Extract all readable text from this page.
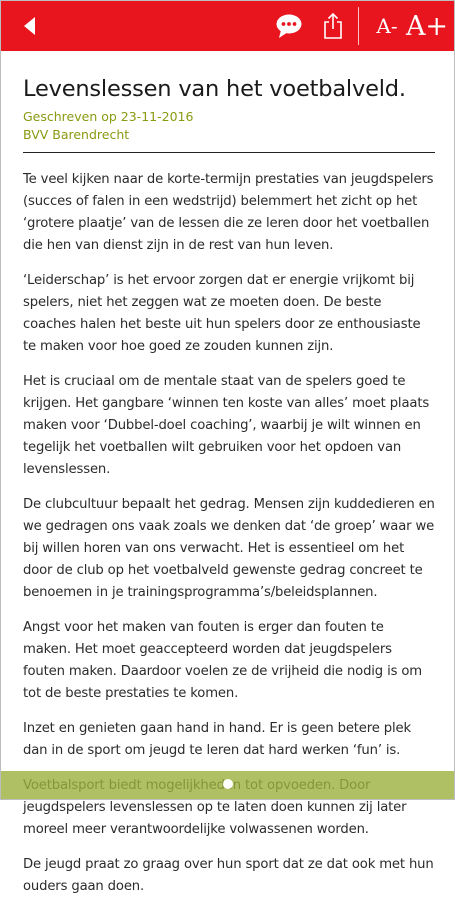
A- A+
Levenslessen van het voetbalveld.
Geschreven op 23-11-2016
BVV Barendrecht

Te veel kijken naar de korte-termijn prestaties van jeugdspelers (succes of falen in een wedstrijd) belemmert het zicht op het ‘grotere plaatje’ van de lessen die ze leren door het voetballen die hen van dienst zijn in de rest van hun leven.

‘Leiderschap’ is het ervoor zorgen dat er energie vrijkomt bij spelers, niet het zeggen wat ze moeten doen. De beste coaches halen het beste uit hun spelers door ze enthousiaste te maken voor hoe goed ze zouden kunnen zijn.

Het is cruciaal om de mentale staat van de spelers goed te krijgen. Het gangbare ‘winnen ten koste van alles’ moet plaats maken voor ‘Dubbel-doel coaching’, waarbij je wilt winnen en tegelijk het voetballen wilt gebruiken voor het opdoen van levenslessen.

De clubcultuur bepaalt het gedrag. Mensen zijn kuddedieren en we gedragen ons vaak zoals we denken dat ‘de groep’ waar we bij willen horen van ons verwacht. Het is essentieel om het door de club op het voetbalveld gewenste gedrag concreet te benoemen in je trainingsprogramma’s/beleidsplannen.

Angst voor het maken van fouten is erger dan fouten te maken. Het moet geaccepteerd worden dat jeugdspelers fouten maken. Daardoor voelen ze de vrijheid die nodig is om tot de beste prestaties te komen.

Inzet en genieten gaan hand in hand. Er is geen betere plek dan in de sport om jeugd te leren dat hard werken ‘fun’ is.

jeugdspelers levenslessen op te laten doen kunnen zij later moreel meer verantwoordelijke volwassenen worden.

De jeugd praat zo graag over hun sport dat ze dat ook met hun ouders gaan doen.
